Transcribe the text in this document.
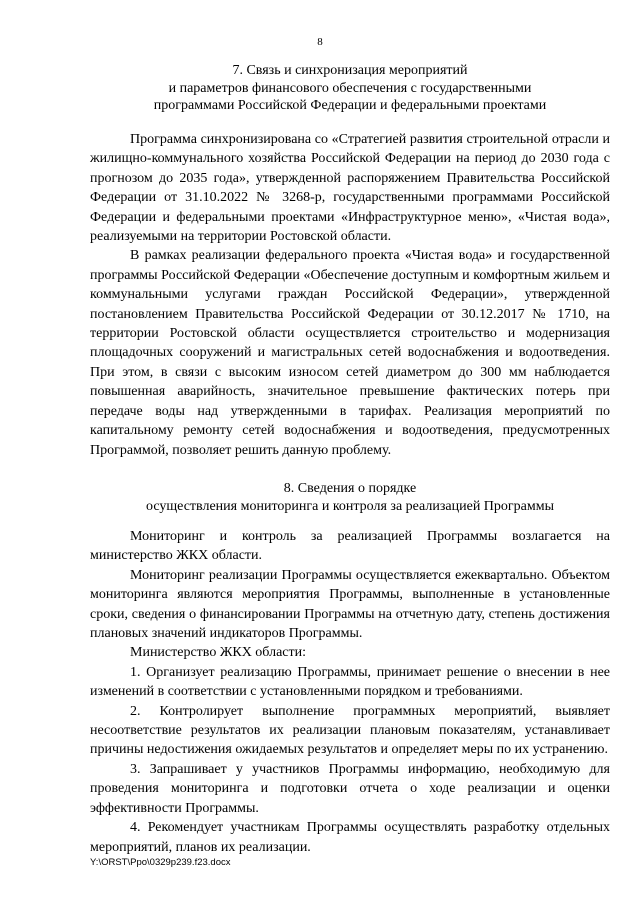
8
7. Связь и синхронизация мероприятий
и параметров финансового обеспечения с государственными
программами Российской Федерации и федеральными проектами

Программа синхронизирована со «Стратегией развития строительной отрасли и жилищно-коммунального хозяйства Российской Федерации на период до 2030 года с прогнозом до 2035 года», утвержденной распоряжением Правительства Российской Федерации от 31.10.2022 № 3268-р, государственными программами Российской Федерации и федеральными проектами «Инфраструктурное меню», «Чистая вода», реализуемыми на территории Ростовской области.

В рамках реализации федерального проекта «Чистая вода» и государственной программы Российской Федерации «Обеспечение доступным и комфортным жильем и коммунальными услугами граждан Российской Федерации», утвержденной постановлением Правительства Российской Федерации от 30.12.2017 № 1710, на территории Ростовской области осуществляется строительство и модернизация площадочных сооружений и магистральных сетей водоснабжения и водоотведения. При этом, в связи с высоким износом сетей диаметром до 300 мм наблюдается повышенная аварийность, значительное превышение фактических потерь при передаче воды над утвержденными в тарифах. Реализация мероприятий по капитальному ремонту сетей водоснабжения и водоотведения, предусмотренных Программой, позволяет решить данную проблему.

8. Сведения о порядке
осуществления мониторинга и контроля за реализацией Программы

Мониторинг и контроль за реализацией Программы возлагается на министерство ЖКХ области.

Мониторинг реализации Программы осуществляется ежеквартально. Объектом мониторинга являются мероприятия Программы, выполненные в установленные сроки, сведения о финансировании Программы на отчетную дату, степень достижения плановых значений индикаторов Программы.

Министерство ЖКХ области:

1. Организует реализацию Программы, принимает решение о внесении в нее изменений в соответствии с установленными порядком и требованиями.

2. Контролирует выполнение программных мероприятий, выявляет несоответствие результатов их реализации плановым показателям, устанавливает причины недостижения ожидаемых результатов и определяет меры по их устранению.

3. Запрашивает у участников Программы информацию, необходимую для проведения мониторинга и подготовки отчета о ходе реализации и оценки эффективности Программы.

4. Рекомендует участникам Программы осуществлять разработку отдельных мероприятий, планов их реализации.

Y:\ORST\Ppo\0329p239.f23.docx
